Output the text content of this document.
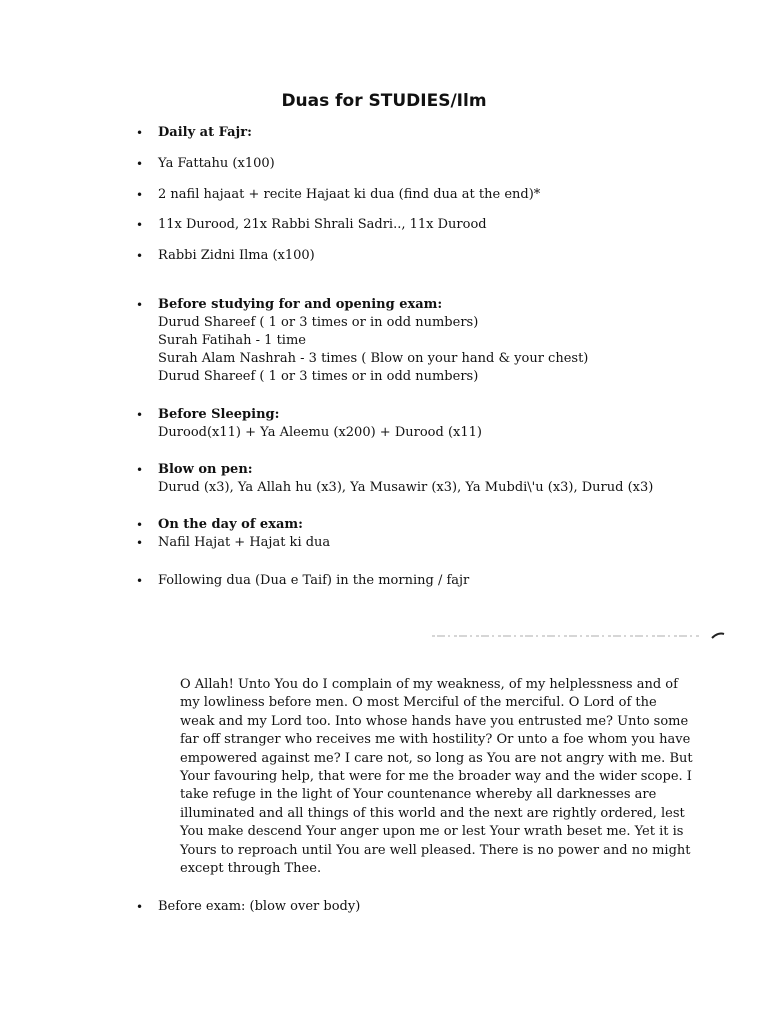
Duas for STUDIES/Ilm
• Daily at Fajr:
• Ya Fattahu (x100)
• 2 nafil hajaat + recite Hajaat ki dua (find dua at the end)*
• 11x Durood, 21x Rabbi Shrali Sadri.., 11x Durood
• Rabbi Zidni Ilma (x100)
• Before studying for and opening exam:
Durud Shareef ( 1 or 3 times or in odd numbers)
Surah Fatihah - 1 time
Surah Alam Nashrah - 3 times ( Blow on your hand & your chest)
Durud Shareef ( 1 or 3 times or in odd numbers)
• Before Sleeping:
Durood(x11) + Ya Aleemu (x200) + Durood (x11)
• Blow on pen:
Durud (x3), Ya Allah hu (x3), Ya Musawir (x3), Ya Mubdi\'u (x3), Durud (x3)
• On the day of exam:
• Nafil Hajat + Hajat ki dua
• Following dua (Dua e Taif) in the morning / fajr
O Allah! Unto You do I complain of my weakness, of my helplessness and of
my lowliness before men. O most Merciful of the merciful. O Lord of the
weak and my Lord too. Into whose hands have you entrusted me? Unto some
far off stranger who receives me with hostility? Or unto a foe whom you have
empowered against me? I care not, so long as You are not angry with me. But
Your favouring help, that were for me the broader way and the wider scope. I
take refuge in the light of Your countenance whereby all darknesses are
illuminated and all things of this world and the next are rightly ordered, lest
You make descend Your anger upon me or lest Your wrath beset me. Yet it is
Yours to reproach until You are well pleased. There is no power and no might
except through Thee.
• Before exam: (blow over body)
